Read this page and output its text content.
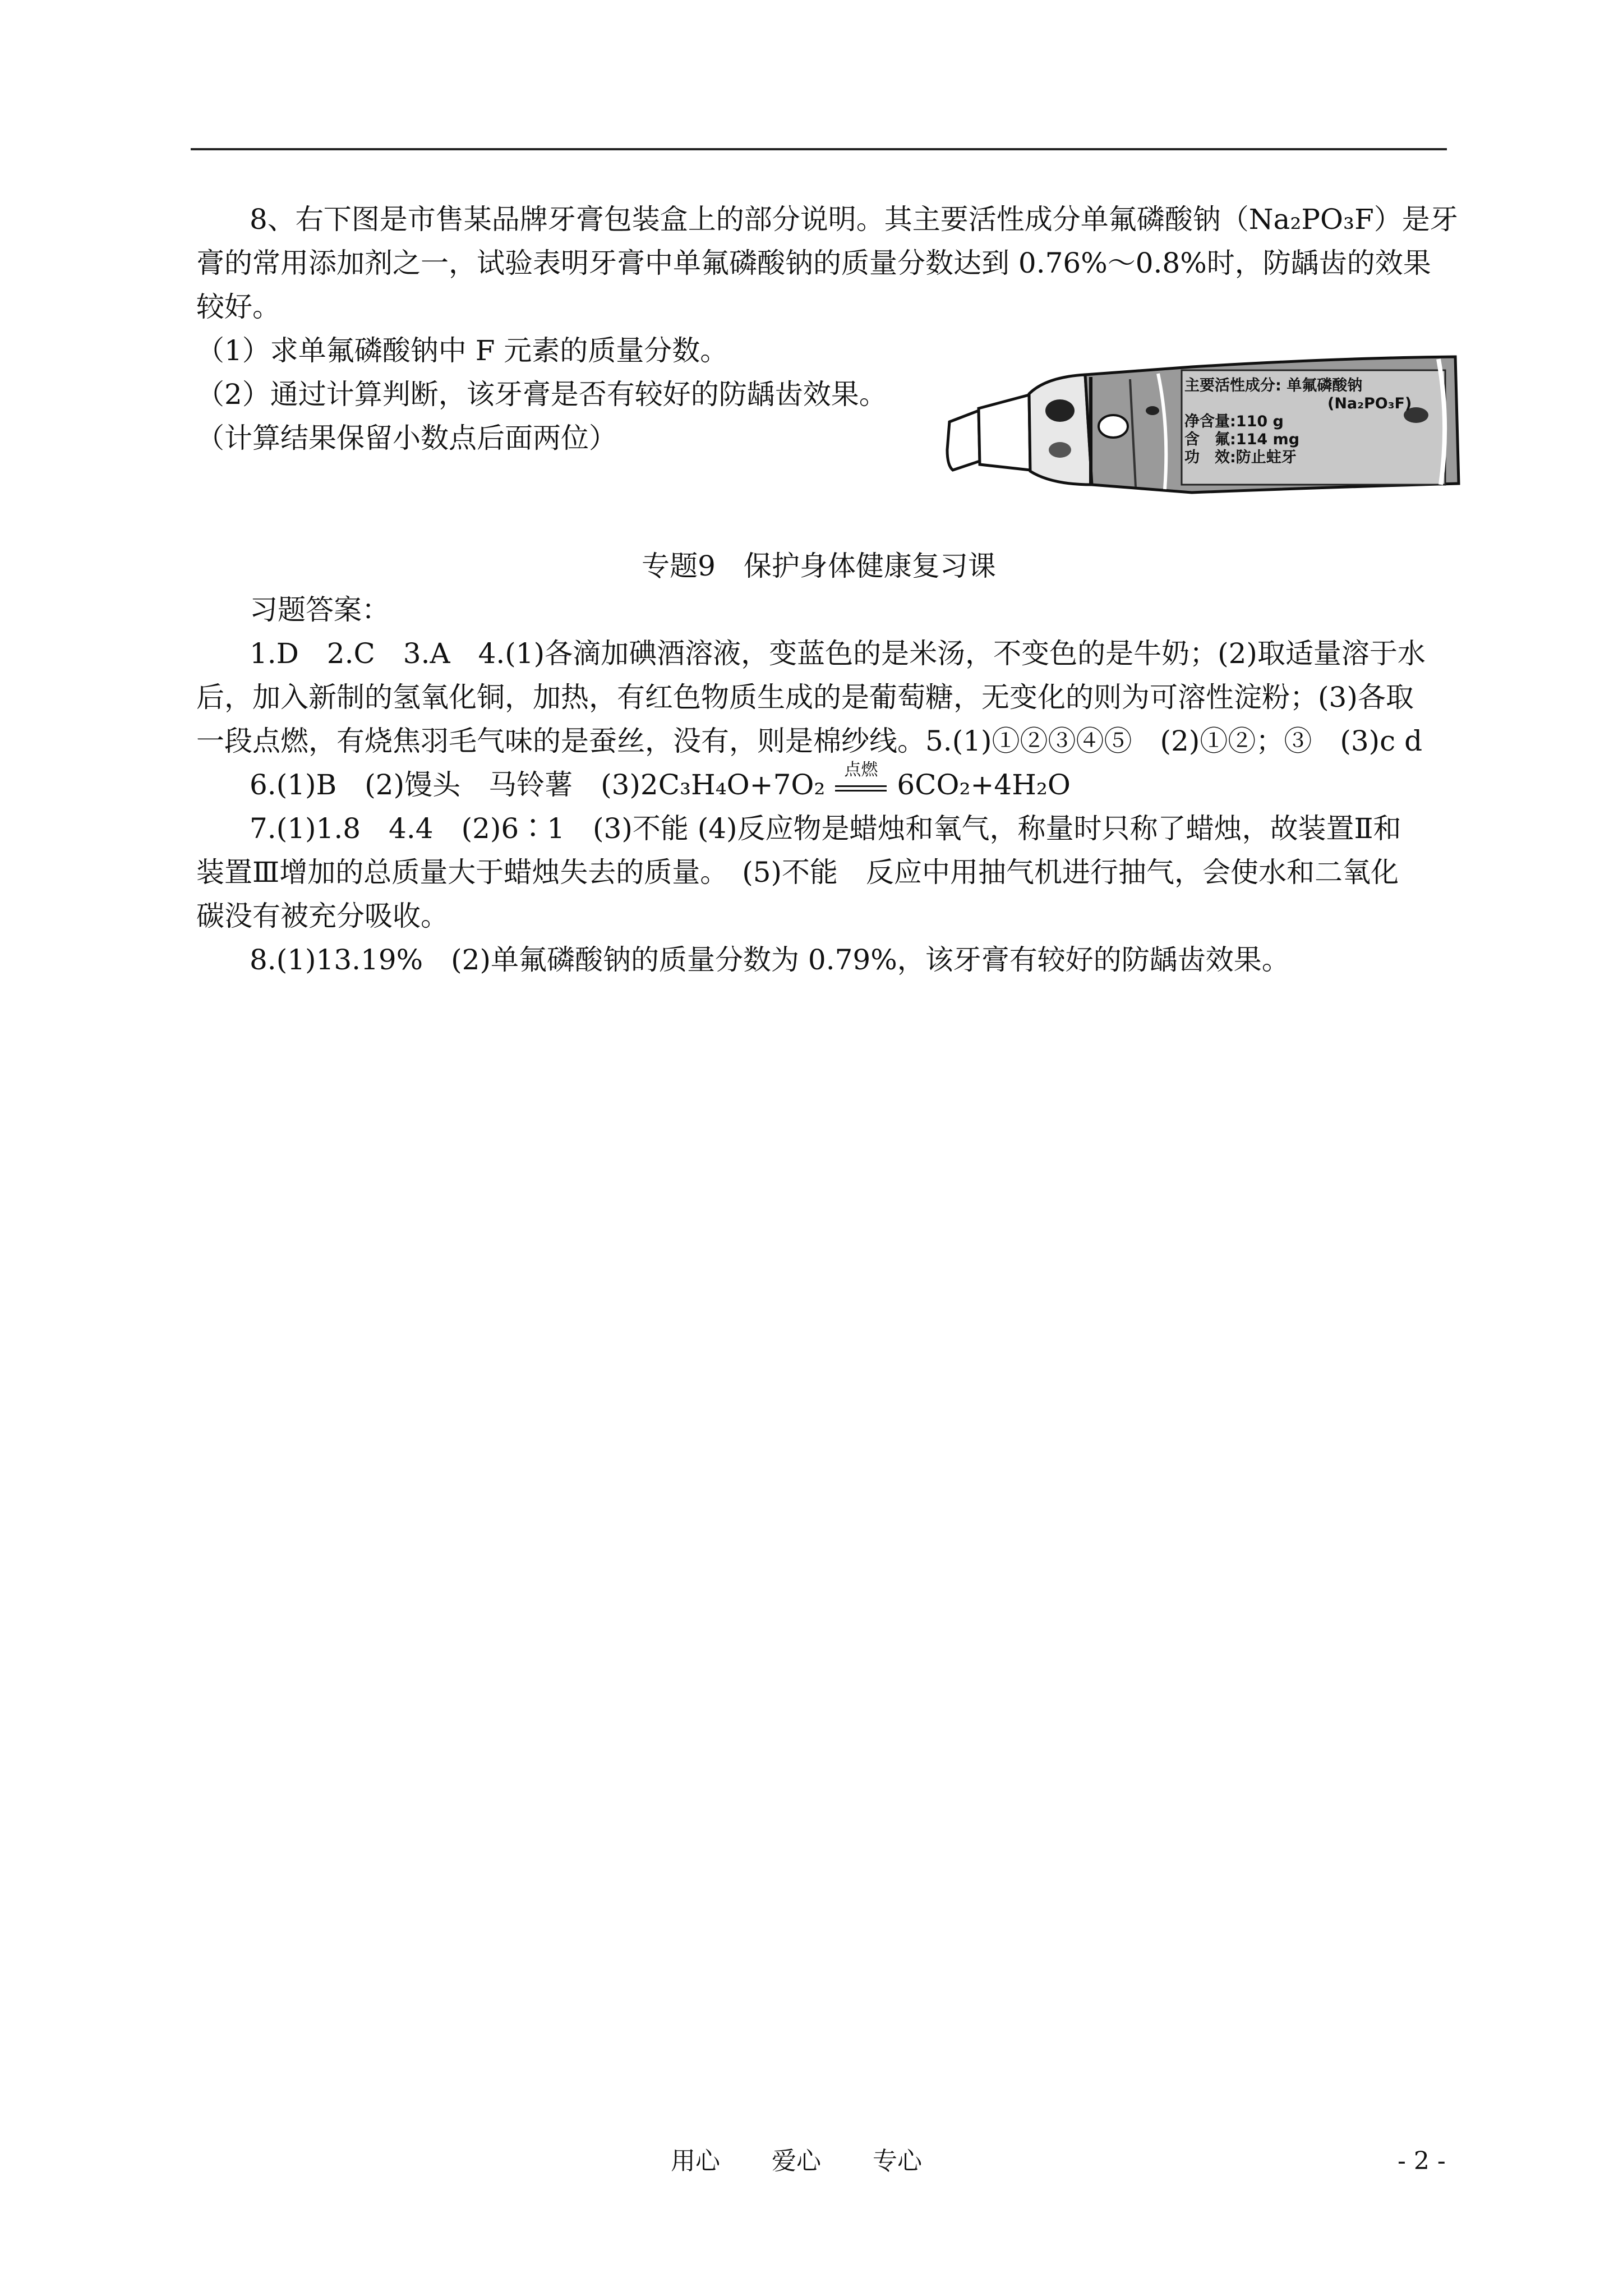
8、右下图是市售某品牌牙膏包装盒上的部分说明。其主要活性成分单氟磷酸钠（Na₂PO₃F）是牙
膏的常用添加剂之一，试验表明牙膏中单氟磷酸钠的质量分数达到 0.76%～0.8%时，防龋齿的效果
较好。
（1）求单氟磷酸钠中 F 元素的质量分数。
（2）通过计算判断，该牙膏是否有较好的防龋齿效果。
（计算结果保留小数点后面两位）
主要活性成分: 单氟磷酸钠
(Na₂PO₃F)
净含量:110 g
含　氟:114 mg
功　效:防止蛀牙
专题9　保护身体健康复习课
习题答案：
1.D　2.C　3.A　4.(1)各滴加碘酒溶液，变蓝色的是米汤，不变色的是牛奶；(2)取适量溶于水
后，加入新制的氢氧化铜，加热，有红色物质生成的是葡萄糖，无变化的则为可溶性淀粉；(3)各取
一段点燃，有烧焦羽毛气味的是蚕丝，没有，则是棉纱线。5.(1)①②③④⑤　(2)①②；③　(3)c d
6.(1)B　(2)馒头　马铃薯　(3)2C₃H₄O+7O₂	点燃 6CO₂+4H₂O
7.(1)1.8　4.4　(2)6∶1　(3)不能 (4)反应物是蜡烛和氧气，称量时只称了蜡烛，故装置Ⅱ和
装置Ⅲ增加的总质量大于蜡烛失去的质量。　(5)不能　反应中用抽气机进行抽气，会使水和二氧化
碳没有被充分吸收。
8.(1)13.19%　(2)单氟磷酸钠的质量分数为 0.79%，该牙膏有较好的防龋齿效果。
用心 爱心 专心	- 2 -
